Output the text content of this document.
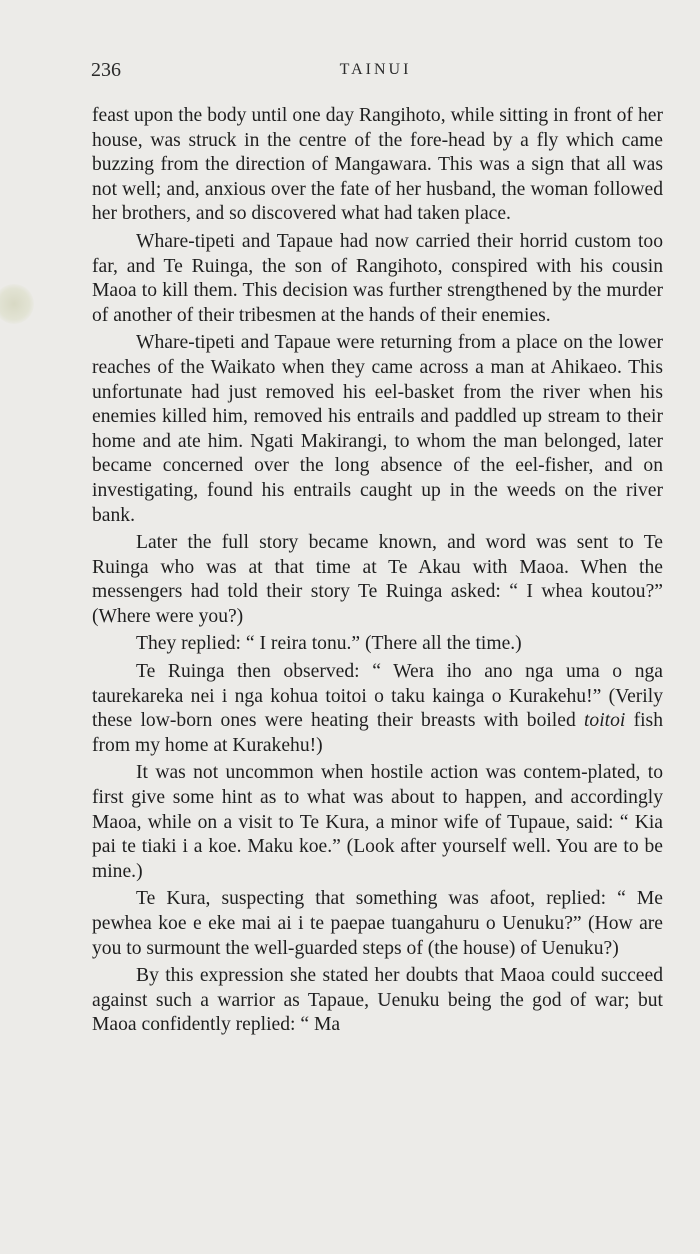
236	TAINUI

feast upon the body until one day Rangihoto, while sitting in front of her house, was struck in the centre of the fore-head by a fly which came buzzing from the direction of Mangawara. This was a sign that all was not well; and, anxious over the fate of her husband, the woman followed her brothers, and so discovered what had taken place.

Whare-tipeti and Tapaue had now carried their horrid custom too far, and Te Ruinga, the son of Rangihoto, conspired with his cousin Maoa to kill them. This decision was further strengthened by the murder of another of their tribesmen at the hands of their enemies.

Whare-tipeti and Tapaue were returning from a place on the lower reaches of the Waikato when they came across a man at Ahikaeo. This unfortunate had just removed his eel-basket from the river when his enemies killed him, removed his entrails and paddled up stream to their home and ate him. Ngati Makirangi, to whom the man belonged, later became concerned over the long absence of the eel-fisher, and on investigating, found his entrails caught up in the weeds on the river bank.

Later the full story became known, and word was sent to Te Ruinga who was at that time at Te Akau with Maoa. When the messengers had told their story Te Ruinga asked: “ I whea koutou?” (Where were you?)

They replied: “ I reira tonu.” (There all the time.)

Te Ruinga then observed: “ Wera iho ano nga uma o nga taurekareka nei i nga kohua toitoi o taku kainga o Kurakehu!” (Verily these low-born ones were heating their breasts with boiled toitoi fish from my home at Kurakehu!)

It was not uncommon when hostile action was contem-plated, to first give some hint as to what was about to happen, and accordingly Maoa, while on a visit to Te Kura, a minor wife of Tupaue, said: “ Kia pai te tiaki i a koe. Maku koe.” (Look after yourself well. You are to be mine.)

Te Kura, suspecting that something was afoot, replied: “ Me pewhea koe e eke mai ai i te paepae tuangahuru o Uenuku?” (How are you to surmount the well-guarded steps of (the house) of Uenuku?)

By this expression she stated her doubts that Maoa could succeed against such a warrior as Tapaue, Uenuku being the god of war; but Maoa confidently replied: “ Ma
